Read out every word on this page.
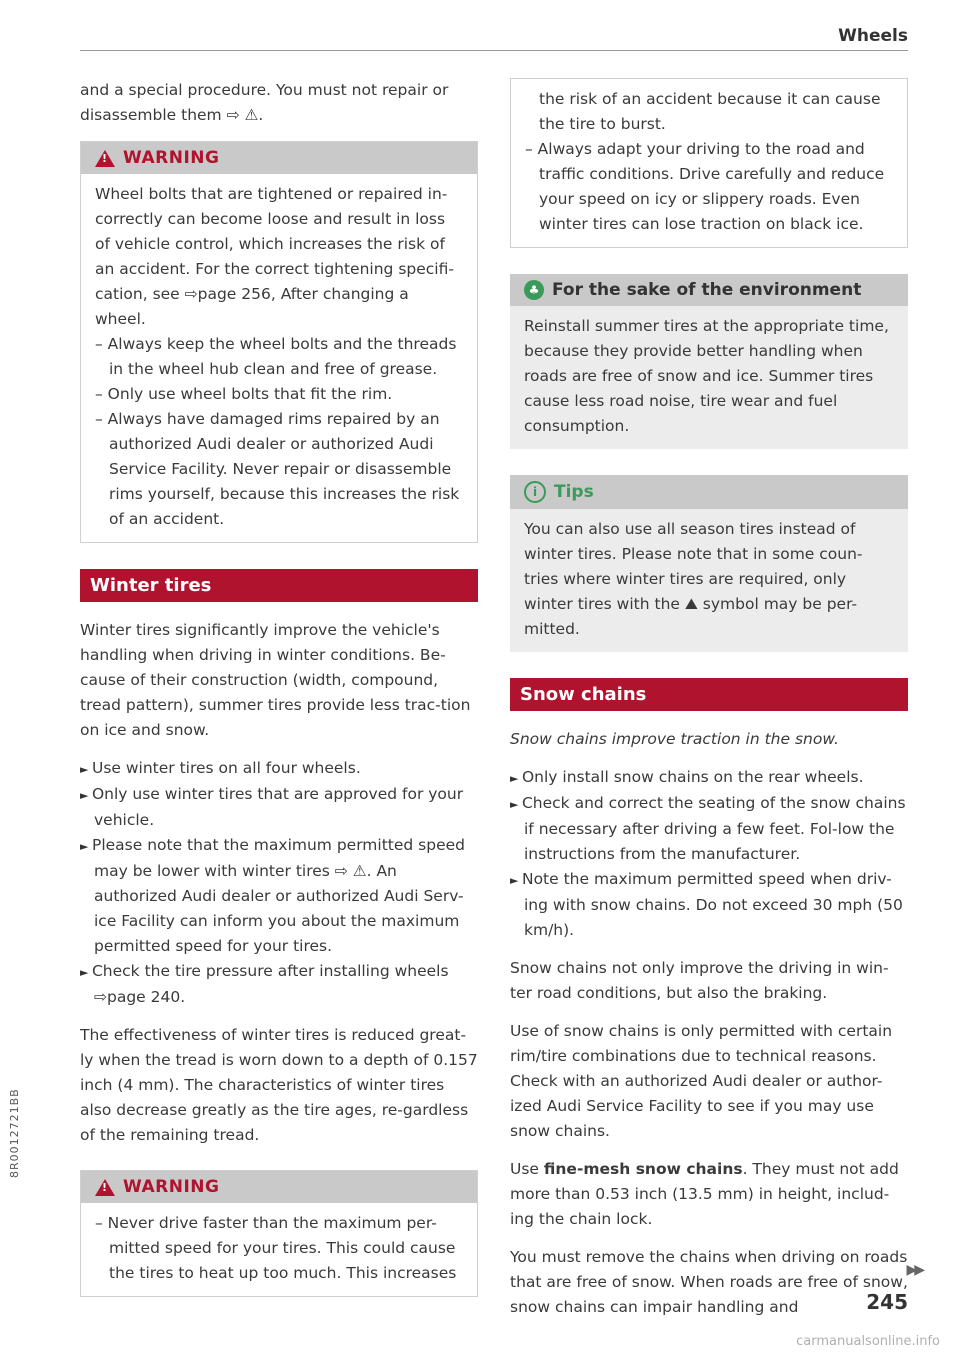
Wheels

and a special procedure. You must not repair or disassemble them ⇨ ⚠.

!
WARNING
Wheel bolts that are tightened or repaired in-correctly can become loose and result in loss of vehicle control, which increases the risk of an accident. For the correct tightening specifi-cation, see ⇨page 256, After changing a wheel.
– Always keep the wheel bolts and the threads in the wheel hub clean and free of grease.
– Only use wheel bolts that fit the rim.
– Always have damaged rims repaired by an authorized Audi dealer or authorized Audi Service Facility. Never repair or disassemble rims yourself, because this increases the risk of an accident.
Winter tires

Winter tires significantly improve the vehicle's handling when driving in winter conditions. Be-cause of their construction (width, compound, tread pattern), summer tires provide less trac-tion on ice and snow.

► Use winter tires on all four wheels.

► Only use winter tires that are approved for your vehicle.

► Please note that the maximum permitted speed may be lower with winter tires ⇨ ⚠. An authorized Audi dealer or authorized Audi Serv-ice Facility can inform you about the maximum permitted speed for your tires.

► Check the tire pressure after installing wheels ⇨page 240.

The effectiveness of winter tires is reduced great-ly when the tread is worn down to a depth of 0.157 inch (4 mm). The characteristics of winter tires also decrease greatly as the tire ages, re-gardless of the remaining tread.

!
WARNING
– Never drive faster than the maximum per-mitted speed for your tires. This could cause the tires to heat up too much. This increases
the risk of an accident because it can cause the tire to burst.
– Always adapt your driving to the road and traffic conditions. Drive carefully and reduce your speed on icy or slippery roads. Even winter tires can lose traction on black ice.
♣ For the sake of the environment
Reinstall summer tires at the appropriate time, because they provide better handling when roads are free of snow and ice. Summer tires cause less road noise, tire wear and fuel consumption.
i Tips
You can also use all season tires instead of winter tires. Please note that in some coun-tries where winter tires are required, only winter tires with the ⛰ symbol may be per-mitted.
Snow chains

Snow chains improve traction in the snow.

► Only install snow chains on the rear wheels.

► Check and correct the seating of the snow chains if necessary after driving a few feet. Fol-low the instructions from the manufacturer.

► Note the maximum permitted speed when driv-ing with snow chains. Do not exceed 30 mph (50 km/h).

Snow chains not only improve the driving in win-ter road conditions, but also the braking.

Use of snow chains is only permitted with certain rim/tire combinations due to technical reasons. Check with an authorized Audi dealer or author-ized Audi Service Facility to see if you may use snow chains.

Use fine-mesh snow chains. They must not add more than 0.53 inch (13.5 mm) in height, includ-ing the chain lock.

You must remove the chains when driving on roads that are free of snow. When roads are free of snow, snow chains can impair handling and

▶▶
245
8R0012721BB
carmanualsonline.info
